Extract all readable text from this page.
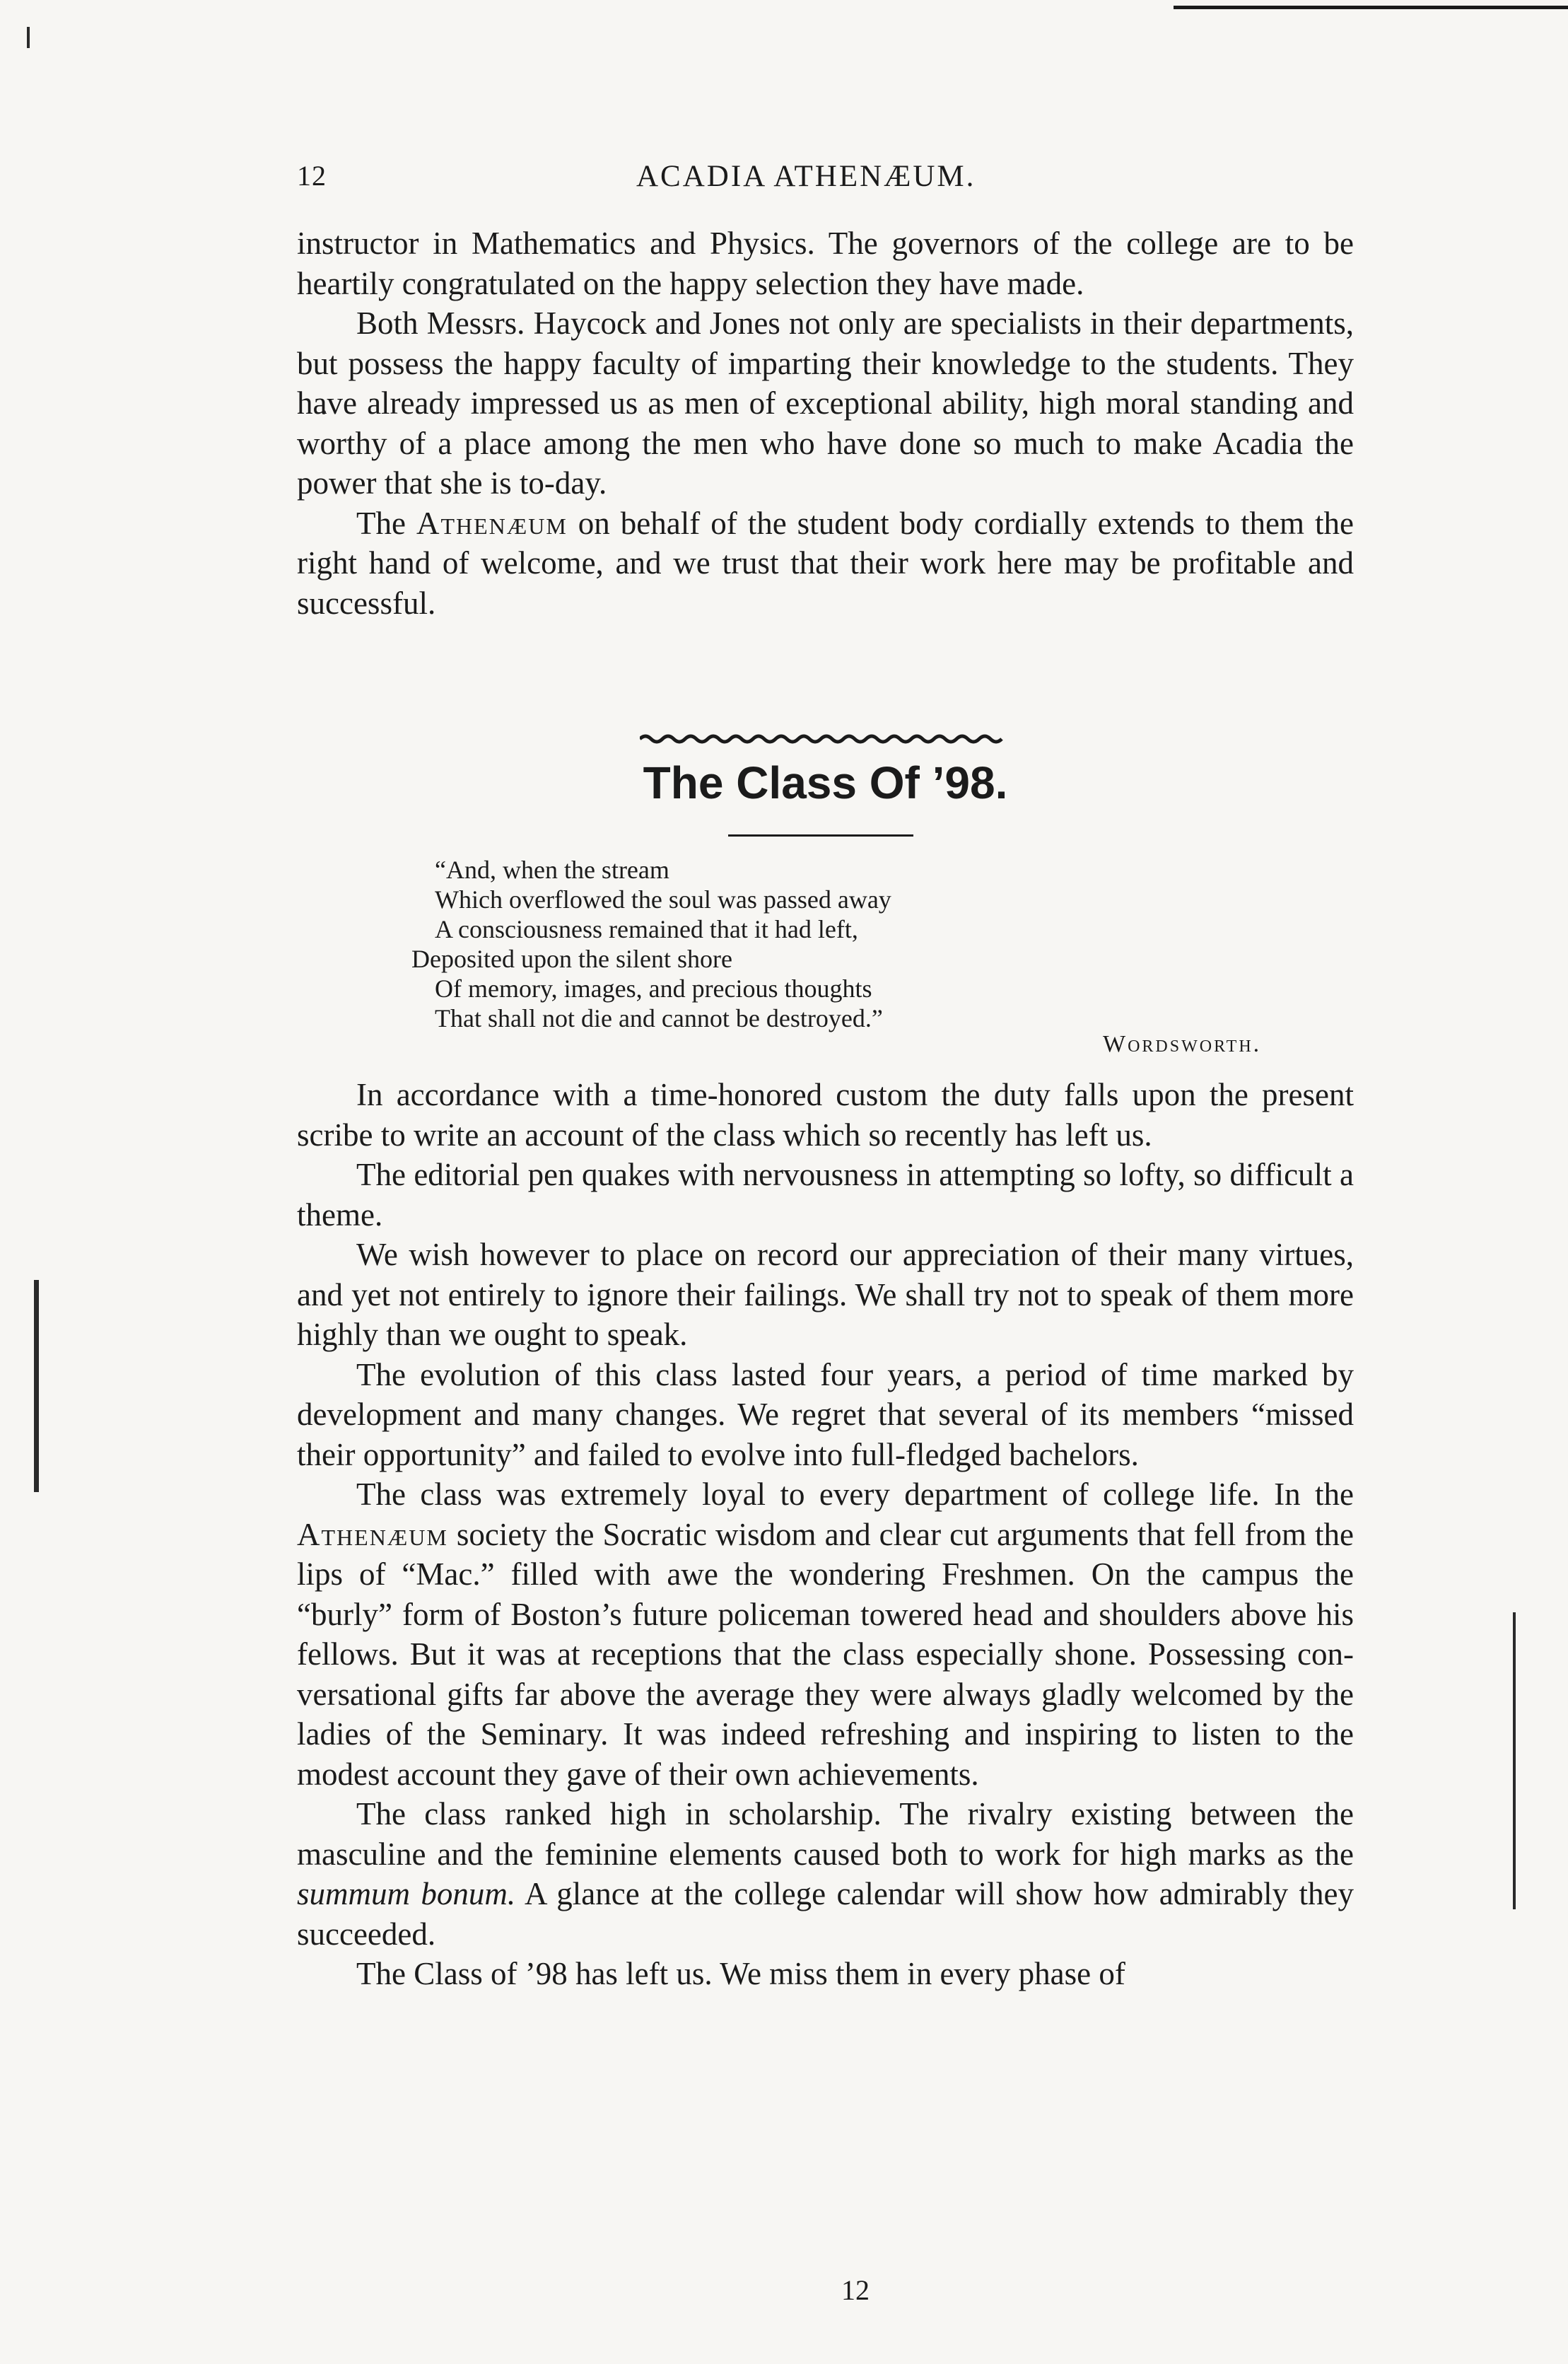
12	ACADIA ATHENÆUM.

instructor in Mathematics and Physics. The governors of the college are to be heartily congratulated on the happy selection they have made.

Both Messrs. Haycock and Jones not only are specialists in their departments, but possess the happy faculty of imparting their knowledge to the students. They have already impressed us as men of exceptional ability, high moral standing and worthy of a place among the men who have done so much to make Acadia the power that she is to-day.

The Athenæum on behalf of the student body cordially extends to them the right hand of welcome, and we trust that their work here may be profitable and successful.

The Class Of ’98.
“And, when the stream
Which overflowed the soul was passed away
A consciousness remained that it had left,
Deposited upon the silent shore
Of memory, images, and precious thoughts
That shall not die and cannot be destroyed.”
Wordsworth.

In accordance with a time-honored custom the duty falls upon the present scribe to write an account of the class which so recently has left us.

The editorial pen quakes with nervousness in attempting so lofty, so difficult a theme.

We wish however to place on record our appreciation of their many virtues, and yet not entirely to ignore their failings. We shall try not to speak of them more highly than we ought to speak.

The evolution of this class lasted four years, a period of time marked by development and many changes. We regret that several of its members “missed their opportunity” and failed to evolve into full-fledged bachelors.

The class was extremely loyal to every department of college life. In the Athenæum society the Socratic wisdom and clear cut arguments that fell from the lips of “Mac.” filled with awe the wondering Freshmen. On the campus the “burly” form of Boston’s future policeman towered head and shoulders above his fellows. But it was at receptions that the class especially shone. Possessing conversational gifts far above the average they were always gladly welcomed by the ladies of the Seminary. It was indeed refreshing and inspiring to listen to the modest account they gave of their own achievements.

The class ranked high in scholarship. The rivalry existing between the masculine and the feminine elements caused both to work for high marks as the summum bonum. A glance at the college calendar will show how admirably they succeeded.

The Class of ’98 has left us. We miss them in every phase of

12
